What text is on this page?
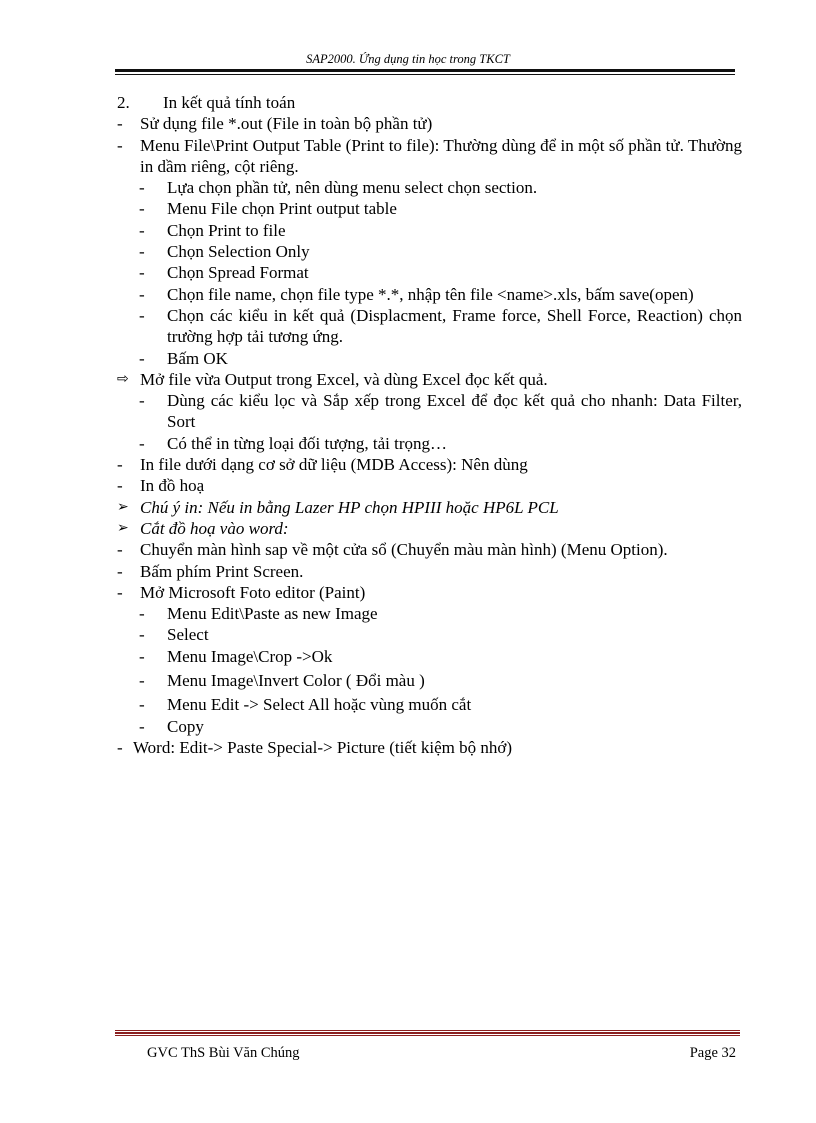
SAP2000. Ứng dụng tin học trong TKCT
2. In kết quả tính toán
- Sử dụng file *.out (File in toàn bộ phần tử)
- Menu File\Print Output Table (Print to file): Thường dùng để in một số phần tử. Thường in dầm riêng, cột riêng.
- Lựa chọn phần tử, nên dùng menu select chọn section.
- Menu File chọn Print output table
- Chọn Print to file
- Chọn Selection Only
- Chọn Spread Format
- Chọn file name, chọn file type *.*, nhập tên file <name>.xls, bấm save(open)
- Chọn các kiểu in kết quả (Displacment, Frame force, Shell Force, Reaction) chọn trường hợp tải tương ứng.
- Bấm OK
⇨ Mở file vừa Output trong Excel, và dùng Excel đọc kết quả.
- Dùng các kiểu lọc và Sắp xếp trong Excel để đọc kết quả cho nhanh: Data Filter, Sort
- Có thể in từng loại đối tượng, tải trọng…
- In file dưới dạng cơ sở dữ liệu (MDB Access): Nên dùng
- In đồ hoạ
➢ Chú ý in: Nếu in bằng Lazer HP chọn HPIII hoặc HP6L PCL
➢ Cắt đồ hoạ vào word:
- Chuyển màn hình sap về một cửa sổ (Chuyển màu màn hình) (Menu Option).
- Bấm phím Print Screen.
- Mở Microsoft Foto editor (Paint)
- Menu Edit\Paste as new Image
- Select
- Menu Image\Crop ->Ok
- Menu Image\Invert Color ( Đổi màu )
- Menu Edit -> Select All hoặc vùng muốn cắt
- Copy
- Word: Edit-> Paste Special-> Picture (tiết kiệm bộ nhớ)
GVC ThS Bùi Văn Chúng	Page 32
